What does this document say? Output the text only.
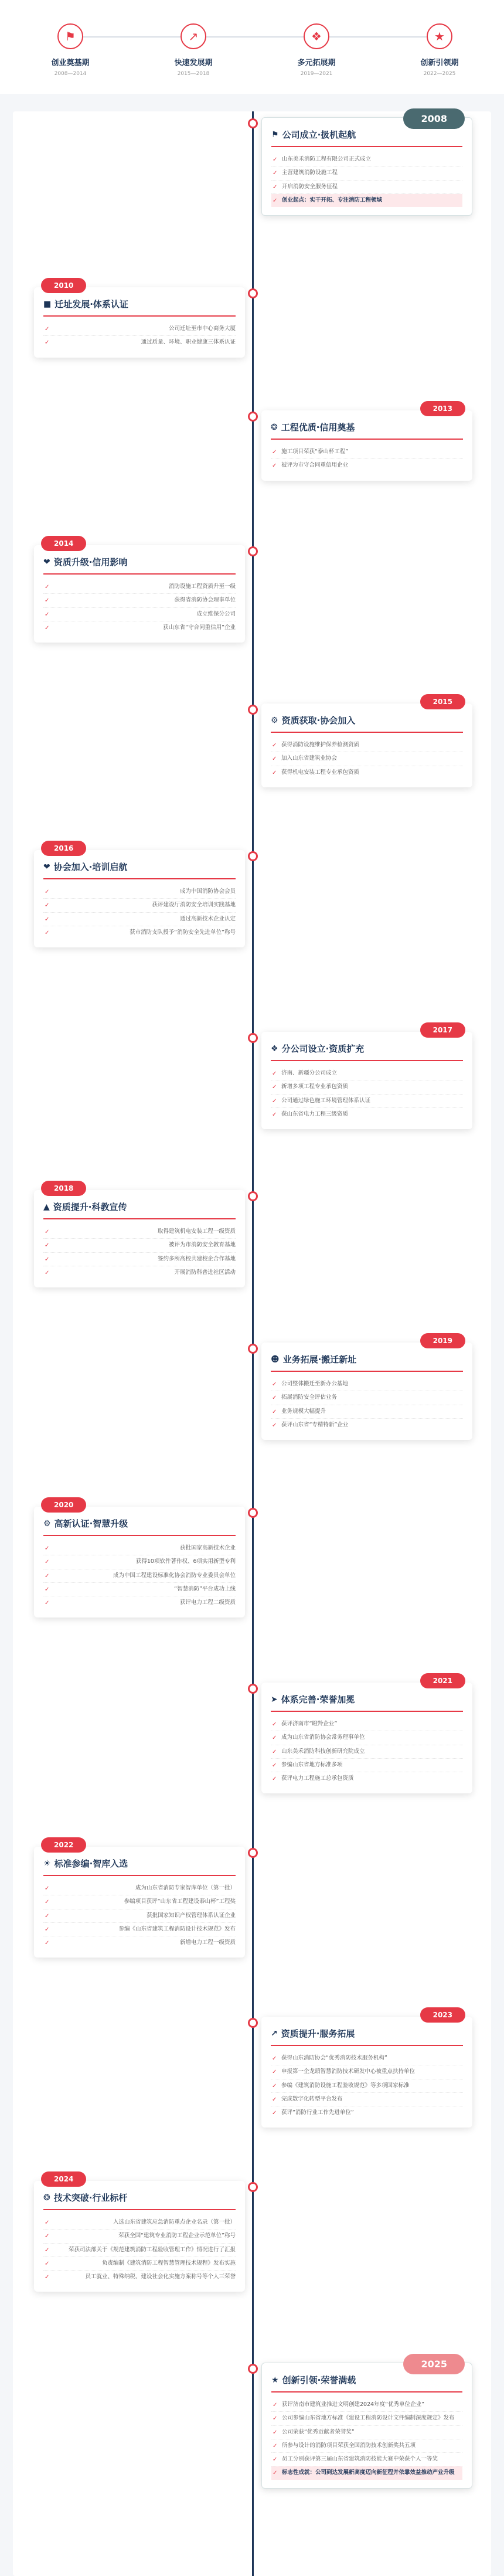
⚑
创业奠基期
2008—2014
↗
快速发展期
2015—2018
❖
多元拓展期
2019—2021
★
创新引领期
2022—2025
2008
⚑ 公司成立·扱机起航
✓ 山东美禾消防工程有限公司正式成立
✓ 主营建筑消防设施工程
✓ 开启消防安全服务征程
✓ 创业起点：实干开拓、专注消防工程领域
2010
■ 迁址发展·体系认证
✓ 公司迁址至市中心商务大厦
✓ 通过质量、环境、职业健康三体系认证
2013
❂ 工程优质·信用奠基
✓ 施工项目荣获“泰山杯工程”
✓ 被评为市守合同重信用企业
2014
❤ 资质升级·信用影响
✓ 消防设施工程资质升至一级
✓ 获得省消防协会理事单位
✓ 成立维保分公司
✓ 获山东省“守合同重信用”企业
2015
⚙ 资质获取·协会加入
✓ 获得消防设施维护保养检测资质
✓ 加入山东省建筑业协会
✓ 获得机电安装工程专业承包资质
2016
❤ 协会加入·培训启航
✓ 成为中国消防协会会员
✓ 获评建设厅消防安全培训实践基地
✓ 通过高新技术企业认定
✓ 获市消防支队授予“消防安全先进单位”称号
2017
❖ 分公司设立·资质扩充
✓ 济南、新疆分公司成立
✓ 新增多项工程专业承包资质
✓ 公司通过绿色施工环境管理体系认证
✓ 获山东省电力工程三级资质
2018
▲ 资质提升·科教宣传
✓ 取得建筑机电安装工程一级资质
✓ 被评为市消防安全教育基地
✓ 签约多所高校共建校企合作基地
✓ 开展消防科普进社区活动
2019
☻ 业务拓展·搬迁新址
✓ 公司整体搬迁至新办公基地
✓ 拓展消防安全评估业务
✓ 业务规模大幅提升
✓ 获评山东省“专精特新”企业
2020
⚙ 高新认证·智慧升级
✓ 获批国家高新技术企业
✓ 获得10项软件著作权、6项实用新型专利
✓ 成为中国工程建设标准化协会消防专业委员会单位
✓ “智慧消防”平台成功上线
✓ 获评电力工程二级资质
2021
➤ 体系完善·荣誉加冕
✓ 获评济南市“瞪羚企业”
✓ 成为山东省消防协会常务理事单位
✓ 山东美禾消防科技创新研究院成立
✓ 参编山东省地方标准多项
✓ 获评电力工程施工总承包资质
2022
☀ 标准参编·智库入选
✓ 成为山东省消防专家智库单位（第一批）
✓ 参编项目获评“山东省工程建设泰山杯”工程奖
✓ 获批国家知识产权管理体系认证企业
✓ 参编《山东省建筑工程消防设计技术规范》发布
✓ 新增电力工程一级资质
2023
↗ 资质提升·服务拓展
✓ 获得山东消防协会“优秀消防技术服务机构”
✓ 申报第一企龙頭智慧消防技术研发中心被重点扶持单位
✓ 参编《建筑消防设施工程验收规范》等多项国家标准
✓ 完成数字化转型平台发布
✓ 获评“消防行业工作先进单位”
2024
❂ 技术突破·行业标杆
✓ 入选山东省建筑应急消防重点企业名录（第一批）
✓ 荣获全国“建筑专业消防工程企业示范单位”称号
✓ 荣获司法部关于《规范建筑消防工程验收管理工作》情况进行了汇报
✓ 负责编制《建筑消防工程智慧管理技术规程》发布实施
✓ 员工就业、特殊纳税、建设社会化实施方案称号等个人三荣誉
2025
★ 创新引领·荣誉满载
✓ 获评济南市建筑业推进文明创建2024年度“优秀单位企业”
✓ 公司参编山东省地方标准《建设工程消防设计文件编制深度规定》发布
✓ 公司荣获“优秀贡献者荣誉奖”
✓ 所参与设计的消防项目荣获全国消防技术创新奖共五项
✓ 员工分别获评第三届山东省建筑消防技能大赛中荣获个人一等奖
✓ 标志性成就：公司到达发展新高度迈向新征程并依靠效益推动产业升级
